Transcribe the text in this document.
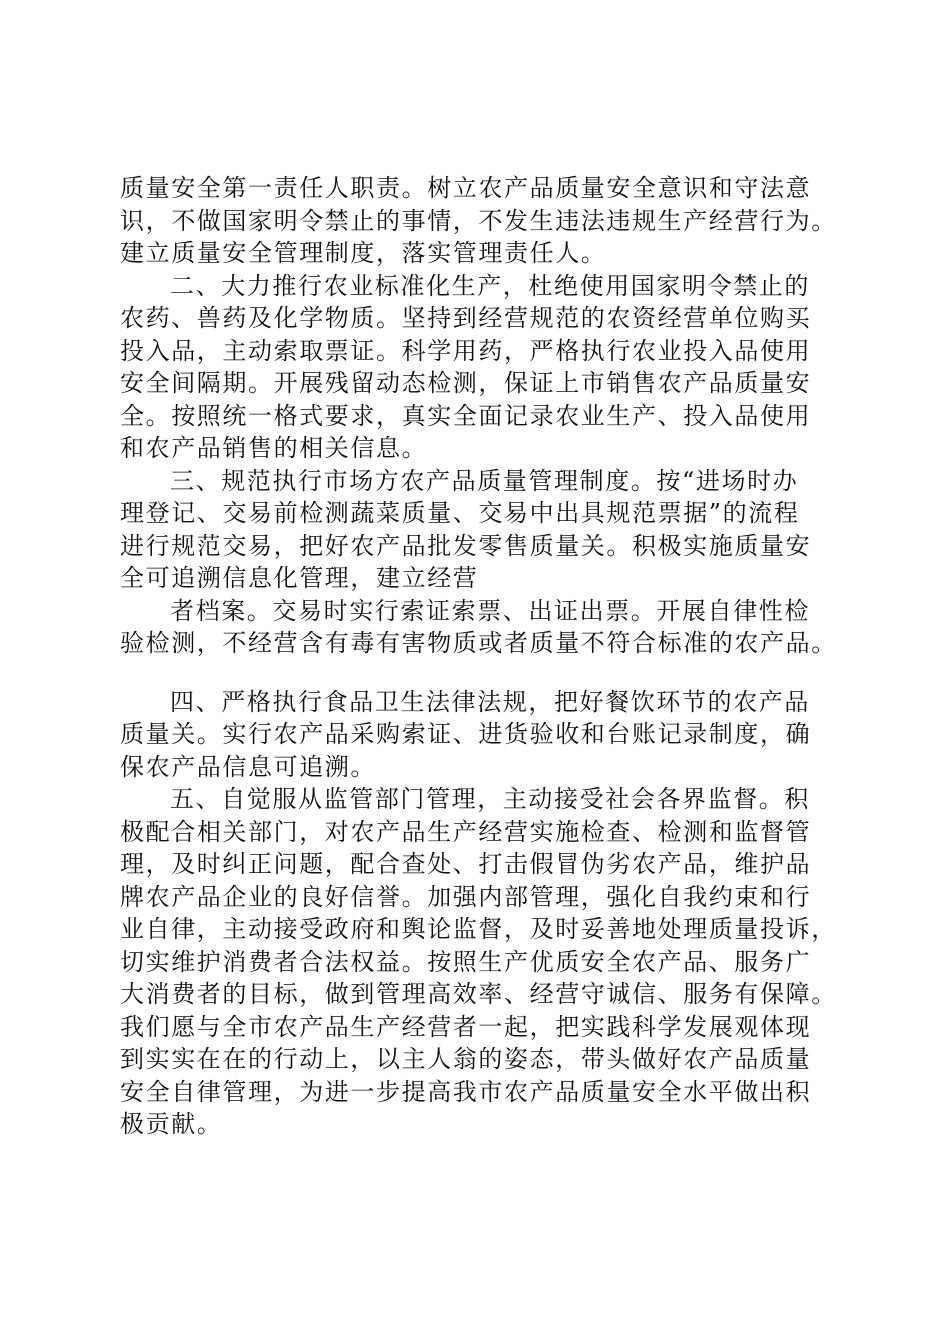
质量安全第一责任人职责。树立农产品质量安全意识和守法意
识，不做国家明令禁止的事情，不发生违法违规生产经营行为。
建立质量安全管理制度，落实管理责任人。
二、大力推行农业标准化生产，杜绝使用国家明令禁止的
农药、兽药及化学物质。坚持到经营规范的农资经营单位购买
投入品，主动索取票证。科学用药，严格执行农业投入品使用
安全间隔期。开展残留动态检测，保证上市销售农产品质量安
全。按照统一格式要求，真实全面记录农业生产、投入品使用
和农产品销售的相关信息。
三、规范执行市场方农产品质量管理制度。按“进场时办
理登记、交易前检测蔬菜质量、交易中出具规范票据”的流程
进行规范交易，把好农产品批发零售质量关。积极实施质量安
全可追溯信息化管理，建立经营
者档案。交易时实行索证索票、出证出票。开展自律性检
验检测，不经营含有毒有害物质或者质量不符合标准的农产品。
四、严格执行食品卫生法律法规，把好餐饮环节的农产品
质量关。实行农产品采购索证、进货验收和台账记录制度，确
保农产品信息可追溯。
五、自觉服从监管部门管理，主动接受社会各界监督。积
极配合相关部门，对农产品生产经营实施检查、检测和监督管
理，及时纠正问题，配合查处、打击假冒伪劣农产品，维护品
牌农产品企业的良好信誉。加强内部管理，强化自我约束和行
业自律，主动接受政府和舆论监督，及时妥善地处理质量投诉，
切实维护消费者合法权益。按照生产优质安全农产品、服务广
大消费者的目标，做到管理高效率、经营守诚信、服务有保障。
我们愿与全市农产品生产经营者一起，把实践科学发展观体现
到实实在在的行动上，以主人翁的姿态，带头做好农产品质量
安全自律管理，为进一步提高我市农产品质量安全水平做出积
极贡献。
